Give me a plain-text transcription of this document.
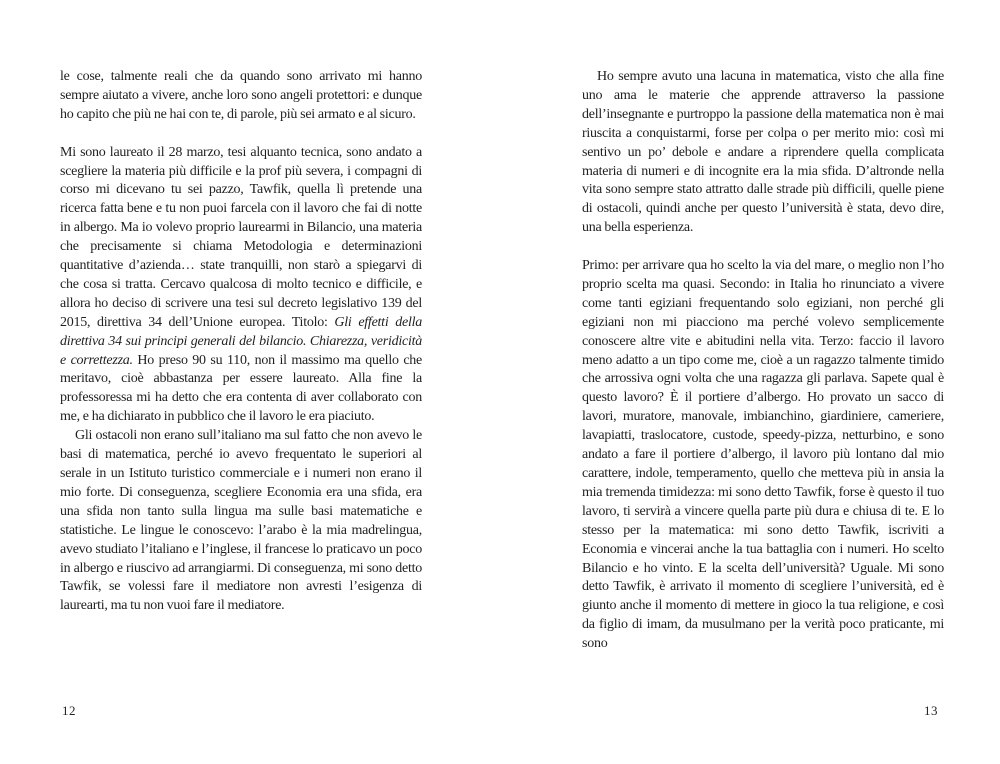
le cose, talmente reali che da quando sono arrivato mi hanno sempre aiutato a vivere, anche loro sono angeli protettori: e dunque ho capito che più ne hai con te, di parole, più sei armato e al sicuro.

Mi sono laureato il 28 marzo, tesi alquanto tecnica, sono andato a scegliere la materia più difficile e la prof più severa, i compagni di corso mi dicevano tu sei pazzo, Tawfik, quella lì pretende una ricerca fatta bene e tu non puoi farcela con il lavoro che fai di notte in albergo. Ma io volevo proprio laurearmi in Bilancio, una materia che precisamente si chiama Metodologia e determinazioni quantitative d’azienda… state tranquilli, non starò a spiegarvi di che cosa si tratta. Cercavo qualcosa di molto tecnico e difficile, e allora ho deciso di scrivere una tesi sul decreto legislativo 139 del 2015, direttiva 34 dell’Unione europea. Titolo: Gli effetti della direttiva 34 sui principi generali del bilancio. Chiarezza, veridicità e correttezza. Ho preso 90 su 110, non il massimo ma quello che meritavo, cioè abbastanza per essere laureato. Alla fine la professoressa mi ha detto che era contenta di aver collaborato con me, e ha dichiarato in pubblico che il lavoro le era piaciuto.

Gli ostacoli non erano sull’italiano ma sul fatto che non avevo le basi di matematica, perché io avevo frequentato le superiori al serale in un Istituto turistico commerciale e i numeri non erano il mio forte. Di conseguenza, scegliere Economia era una sfida, era una sfida non tanto sulla lingua ma sulle basi matematiche e statistiche. Le lingue le conoscevo: l’arabo è la mia madrelingua, avevo studiato l’italiano e l’inglese, il francese lo praticavo un poco in albergo e riuscivo ad arrangiarmi. Di conseguenza, mi sono detto Tawfik, se volessi fare il mediatore non avresti l’esigenza di laurearti, ma tu non vuoi fare il mediatore.

Ho sempre avuto una lacuna in matematica, visto che alla fine uno ama le materie che apprende attraverso la passione dell’insegnante e purtroppo la passione della matematica non è mai riuscita a conquistarmi, forse per colpa o per merito mio: così mi sentivo un po’ debole e andare a riprendere quella complicata materia di numeri e di incognite era la mia sfida. D’altronde nella vita sono sempre stato attratto dalle strade più difficili, quelle piene di ostacoli, quindi anche per questo l’università è stata, devo dire, una bella esperienza.

Primo: per arrivare qua ho scelto la via del mare, o meglio non l’ho proprio scelta ma quasi. Secondo: in Italia ho rinunciato a vivere come tanti egiziani frequentando solo egiziani, non perché gli egiziani non mi piacciono ma perché volevo semplicemente conoscere altre vite e abitudini nella vita. Terzo: faccio il lavoro meno adatto a un tipo come me, cioè a un ragazzo talmente timido che arrossiva ogni volta che una ragazza gli parlava. Sapete qual è questo lavoro? È il portiere d’albergo. Ho provato un sacco di lavori, muratore, manovale, imbianchino, giardiniere, cameriere, lavapiatti, traslocatore, custode, speedy-pizza, netturbino, e sono andato a fare il portiere d’albergo, il lavoro più lontano dal mio carattere, indole, temperamento, quello che metteva più in ansia la mia tremenda timidezza: mi sono detto Tawfik, forse è questo il tuo lavoro, ti servirà a vincere quella parte più dura e chiusa di te. E lo stesso per la matematica: mi sono detto Tawfik, iscriviti a Economia e vincerai anche la tua battaglia con i numeri. Ho scelto Bilancio e ho vinto. E la scelta dell’università? Uguale. Mi sono detto Tawfik, è arrivato il momento di scegliere l’università, ed è giunto anche il momento di mettere in gioco la tua religione, e così da figlio di imam, da musulmano per la verità poco praticante, mi sono

12	13
